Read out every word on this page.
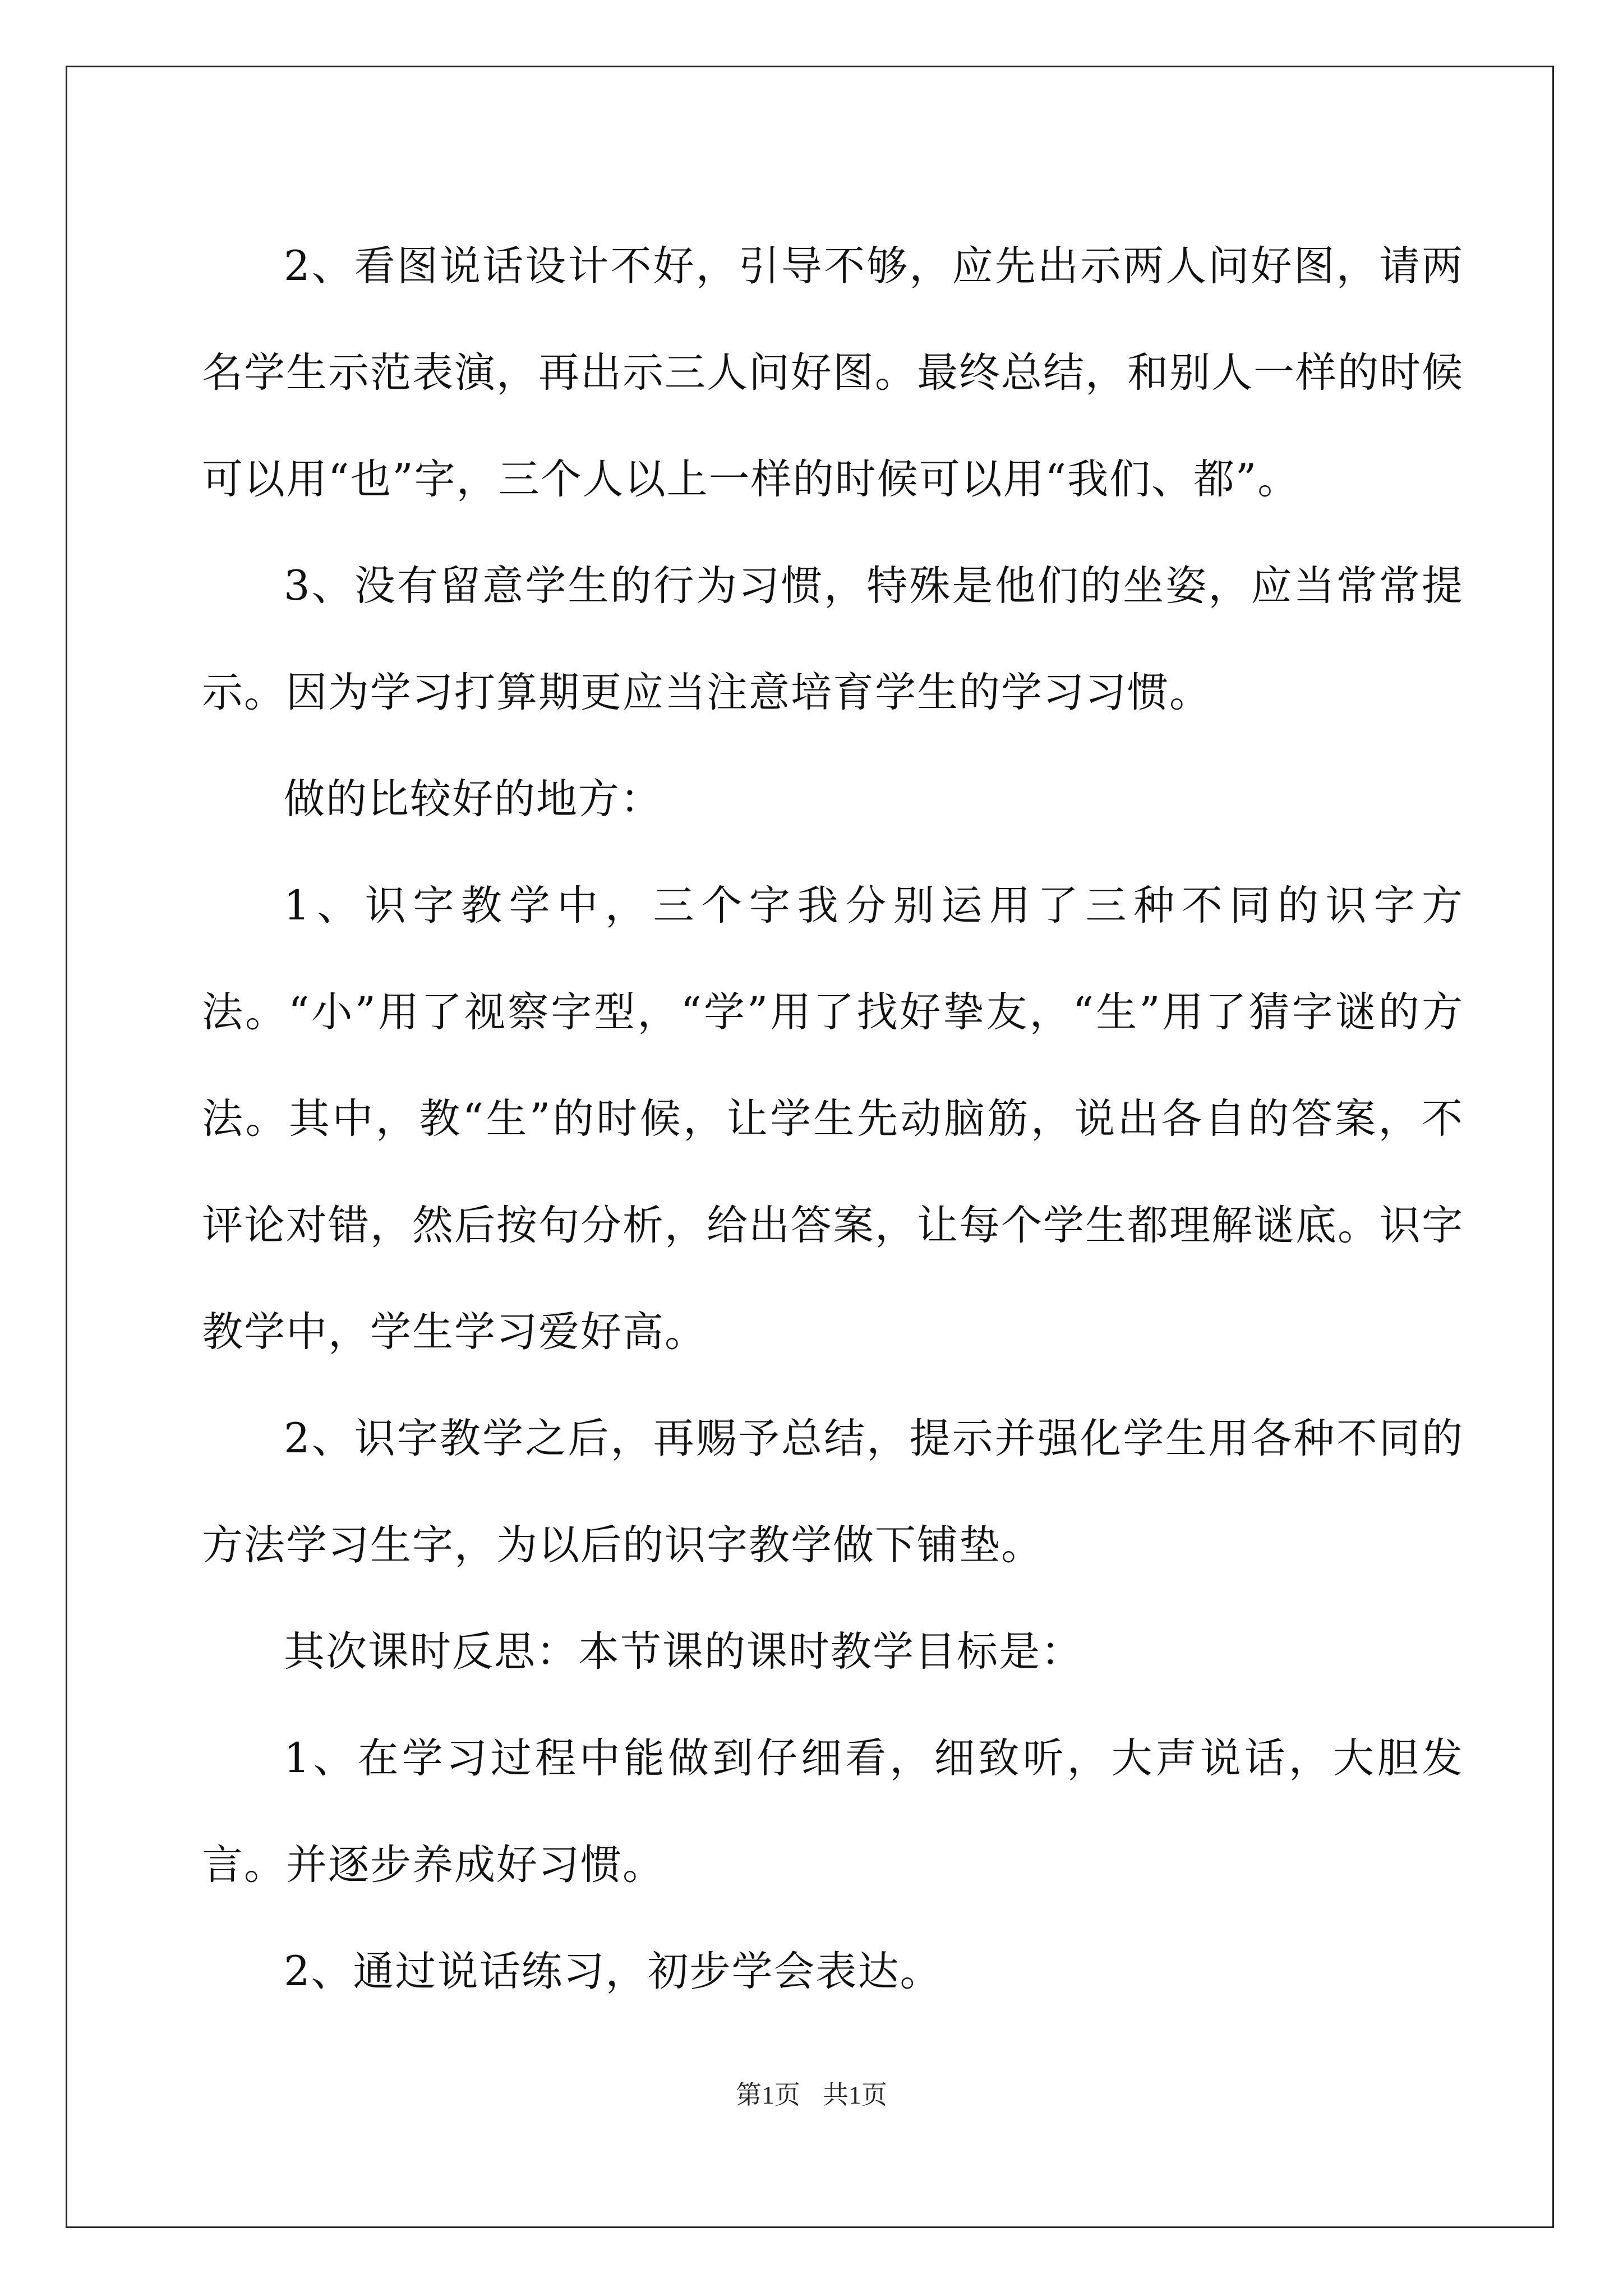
2、看图说话设计不好，引导不够，应先出示两人问好图，请两名学生示范表演，再出示三人问好图。最终总结，和别人一样的时候可以用“也”字，三个人以上一样的时候可以用“我们、都”。

3、没有留意学生的行为习惯，特殊是他们的坐姿，应当常常提示。因为学习打算期更应当注意培育学生的学习习惯。

做的比较好的地方：

1、识字教学中，三个字我分别运用了三种不同的识字方法。“小”用了视察字型，“学”用了找好挚友，“生”用了猜字谜的方法。其中，教“生”的时候，让学生先动脑筋，说出各自的答案，不评论对错，然后按句分析，给出答案，让每个学生都理解谜底。识字教学中，学生学习爱好高。

2、识字教学之后，再赐予总结，提示并强化学生用各种不同的方法学习生字，为以后的识字教学做下铺垫。

其次课时反思：本节课的课时教学目标是：

1、在学习过程中能做到仔细看，细致听，大声说话，大胆发言。并逐步养成好习惯。

2、通过说话练习，初步学会表达。

第1页 共1页
